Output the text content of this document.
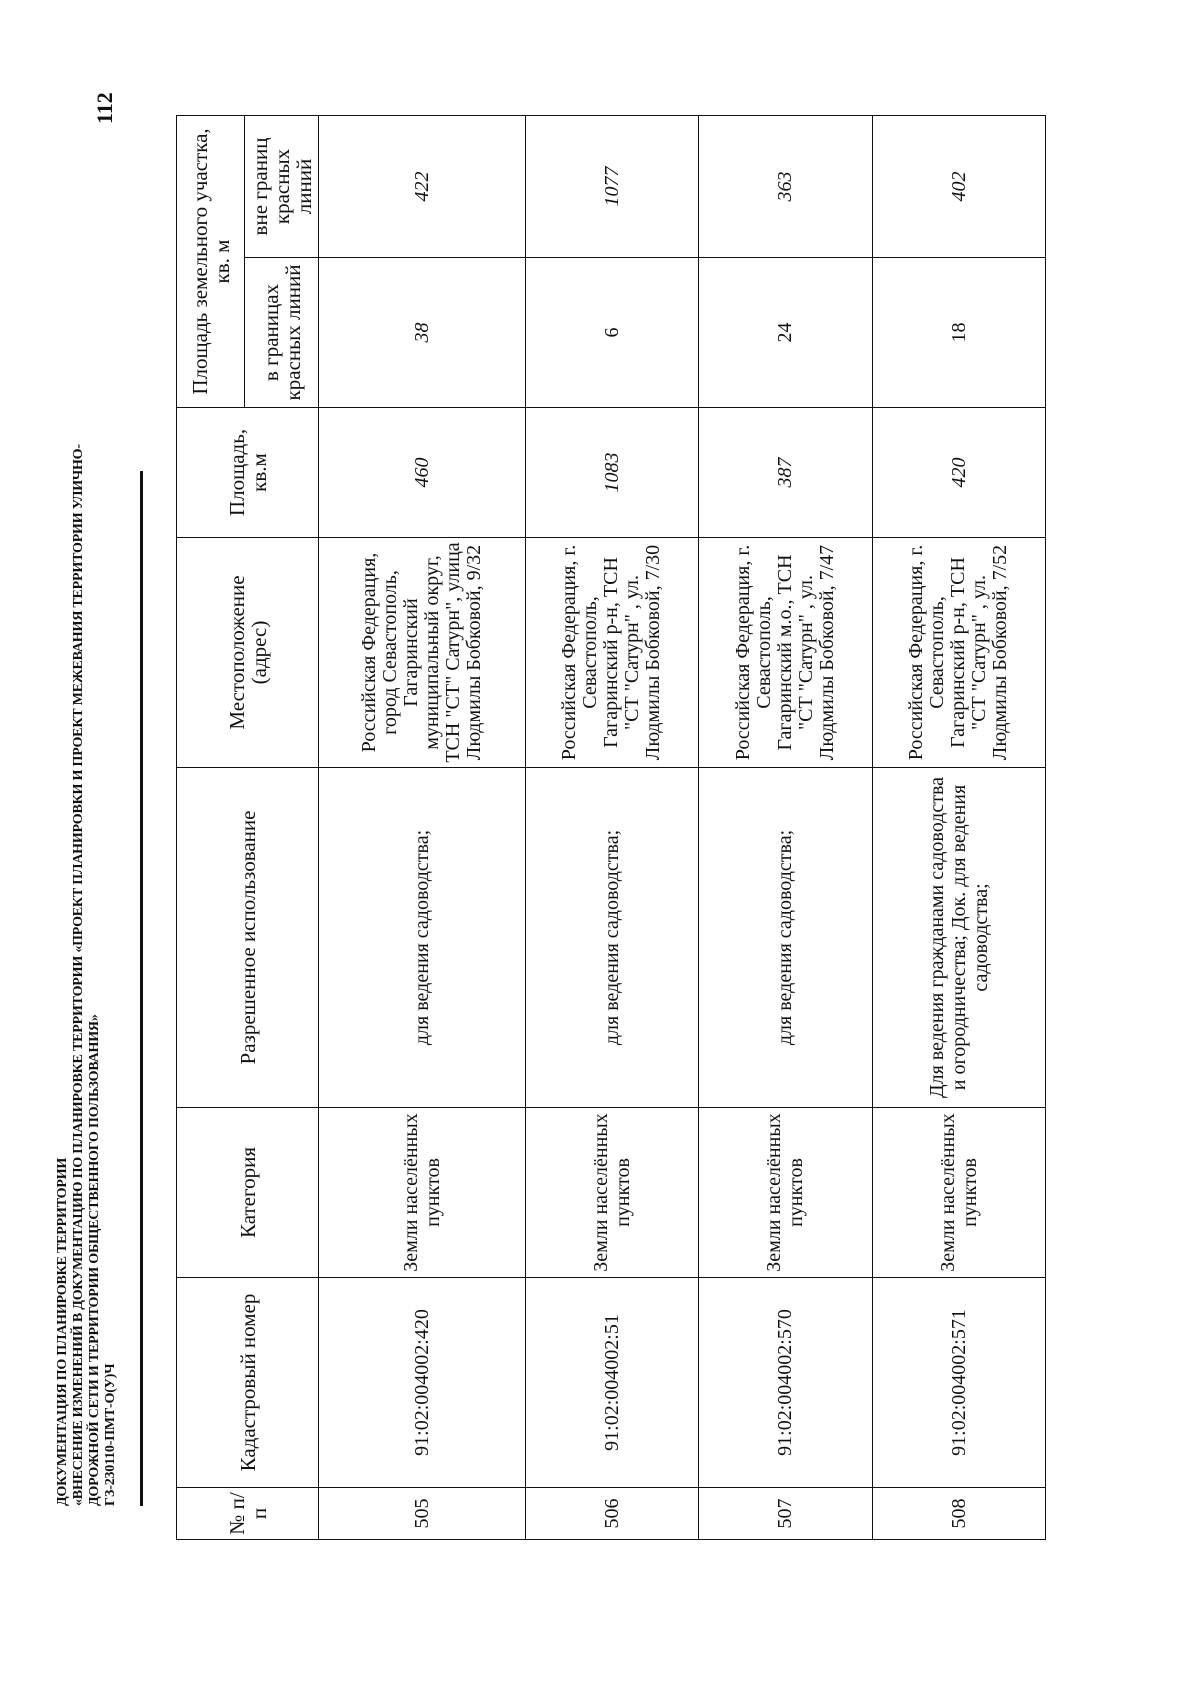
112
ДОКУМЕНТАЦИЯ ПО ПЛАНИРОВКЕ ТЕРРИТОРИИ «ВНЕСЕНИЕ ИЗМЕНЕНИЙ В ДОКУМЕНТАЦИЮ ПО ПЛАНИРОВКЕ ТЕРРИТОРИИ «ПРОЕКТ ПЛАНИРОВКИ И ПРОЕКТ МЕЖЕВАНИЯ ТЕРРИТОРИИ УЛИЧНО- ДОРОЖНОЙ СЕТИ И ТЕРРИТОРИИ ОБЩЕСТВЕННОГО ПОЛЬЗОВАНИЯ» ГЗ-230110-ПМТ-О(У)Ч
№ п/п	Кадастровый номер	Категория	Разрешенное использование	Местоположение (адрес)	Площадь, кв.м	Площадь земельного участка, кв. м	
						в границах красных линий	вне границ красных линий
505	91:02:004002:420	Земли населённых пунктов	для ведения садоводства;	Российская Федерация, город Севастополь, Гагаринский муниципальный округ, ТСН "СТ" Сатурн", улица Людмилы Бобковой, 9/32	460	38	422
506	91:02:004002:51	Земли населённых пунктов	для ведения садоводства;	Российская Федерация, г. Севастополь, Гагаринский р-н, ТСН "СТ "Сатурн" , ул. Людмилы Бобковой, 7/30	1083	6	1077
507	91:02:004002:570	Земли населённых пунктов	для ведения садоводства;	Российская Федерация, г. Севастополь, Гагаринский м.о., ТСН "СТ "Сатурн" , ул. Людмилы Бобковой, 7/47	387	24	363
508	91:02:004002:571	Земли населённых пунктов	Для ведения гражданами садоводства и огородничества; Док. для ведения садоводства;	Российская Федерация, г. Севастополь, Гагаринский р-н, ТСН "СТ "Сатурн" , ул. Людмилы Бобковой, 7/52	420	18	402
